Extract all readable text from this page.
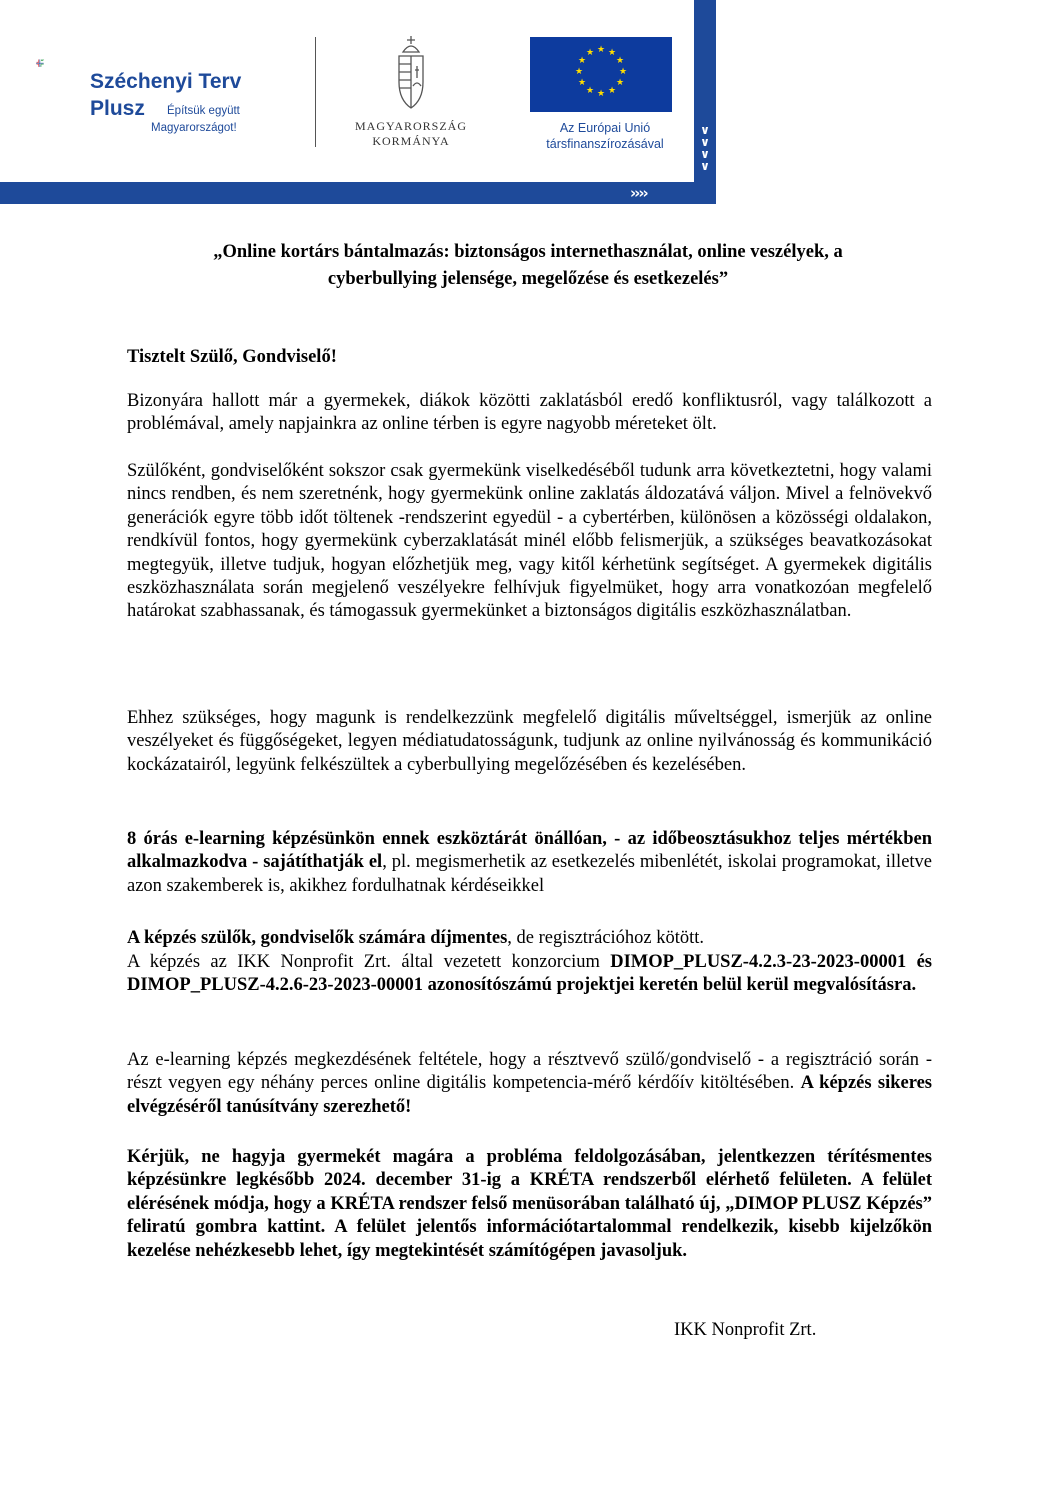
∨
∨
∨
∨
››››
Széchenyi Terv
Plusz Építsük együtt
Magyarországot!	MAGYARORSZÁG
KORMÁNYA
★ ★
★
★
★
★
★
★
★
★
★
★
Az Európai Unió
társfinanszírozásával
„Online kortárs bántalmazás: biztonságos internethasználat, online veszélyek, a
cyberbullying jelensége, megelőzése és esetkezelés”
Tisztelt Szülő, Gondviselő!
Bizonyára hallott már a gyermekek, diákok közötti zaklatásból eredő konfliktusról, vagy találkozott a problémával, amely napjainkra az online térben is egyre nagyobb méreteket ölt.
Szülőként, gondviselőként sokszor csak gyermekünk viselkedéséből tudunk arra következtetni, hogy valami nincs rendben, és nem szeretnénk, hogy gyermekünk online zaklatás áldozatává váljon. Mivel a felnövekvő generációk egyre több időt töltenek -rendszerint egyedül - a cybertérben, különösen a közösségi oldalakon, rendkívül fontos, hogy gyermekünk cyberzaklatását minél előbb felismerjük, a szükséges beavatkozásokat megtegyük, illetve tudjuk, hogyan előzhetjük meg, vagy kitől kérhetünk segítséget. A gyermekek digitális eszközhasználata során megjelenő veszélyekre felhívjuk figyelmüket, hogy arra vonatkozóan megfelelő határokat szabhassanak, és támogassuk gyermekünket a biztonságos digitális eszközhasználatban.
Ehhez szükséges, hogy magunk is rendelkezzünk megfelelő digitális műveltséggel, ismerjük az online veszélyeket és függőségeket, legyen médiatudatosságunk, tudjunk az online nyilvánosság és kommunikáció kockázatairól, legyünk felkészültek a cyberbullying megelőzésében és kezelésében.
8 órás e-learning képzésünkön ennek eszköztárát önállóan, - az időbeosztásukhoz teljes mértékben alkalmazkodva - sajátíthatják el, pl. megismerhetik az esetkezelés mibenlétét, iskolai programokat, illetve azon szakemberek is, akikhez fordulhatnak kérdéseikkel
A képzés szülők, gondviselők számára díjmentes, de regisztrációhoz kötött.
A képzés az IKK Nonprofit Zrt. által vezetett konzorcium DIMOP_PLUSZ-4.2.3-23-2023-00001 és DIMOP_PLUSZ-4.2.6-23-2023-00001 azonosítószámú projektjei keretén belül kerül megvalósításra.
Az e-learning képzés megkezdésének feltétele, hogy a résztvevő szülő/gondviselő - a regisztráció során - részt vegyen egy néhány perces online digitális kompetencia-mérő kérdőív kitöltésében. A képzés sikeres elvégzéséről tanúsítvány szerezhető!
Kérjük, ne hagyja gyermekét magára a probléma feldolgozásában, jelentkezzen térítésmentes képzésünkre legkésőbb 2024. december 31-ig a KRÉTA rendszerből elérhető felületen. A felület elérésének módja, hogy a KRÉTA rendszer felső menüsorában található új, „DIMOP PLUSZ Képzés” feliratú gombra kattint. A felület jelentős információtartalommal rendelkezik, kisebb kijelzőkön kezelése nehézkesebb lehet, így megtekintését számítógépen javasoljuk.
IKK Nonprofit Zrt.
